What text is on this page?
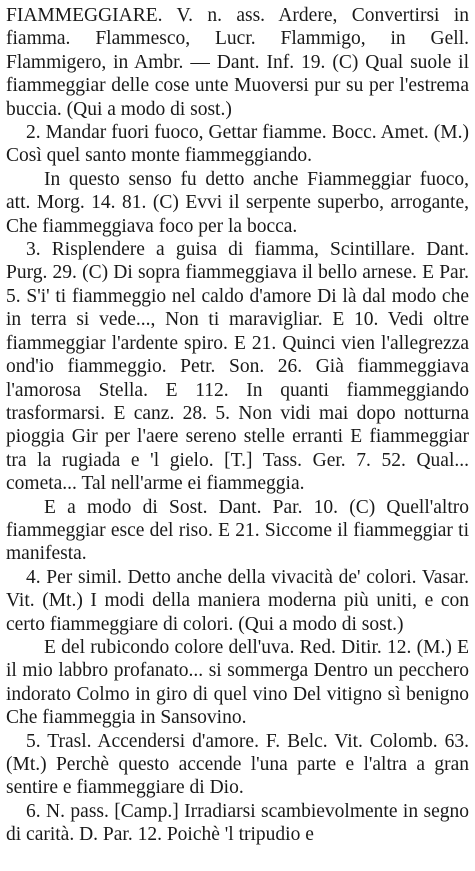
FIAMMEGGIARE. V. n. ass. Ardere, Convertirsi in fiamma. Flammesco, Lucr. Flammigo, in Gell. Flammigero, in Ambr. — Dant. Inf. 19. (C) Qual suole il fiammeggiar delle cose unte Muoversi pur su per l'estrema buccia. (Qui a modo di sost.)

2. Mandar fuori fuoco, Gettar fiamme. Bocc. Amet. (M.) Così quel santo monte fiammeggiando.

In questo senso fu detto anche Fiammeggiar fuoco, att. Morg. 14. 81. (C) Evvi il serpente superbo, arrogante, Che fiammeggiava foco per la bocca.

3. Risplendere a guisa di fiamma, Scintillare. Dant. Purg. 29. (C) Di sopra fiammeggiava il bello arnese. E Par. 5. S'i' ti fiammeggio nel caldo d'amore Di là dal modo che in terra si vede..., Non ti maravigliar. E 10. Vedi oltre fiammeggiar l'ardente spiro. E 21. Quinci vien l'allegrezza ond'io fiammeggio. Petr. Son. 26. Già fiammeggiava l'amorosa Stella. E 112. In quanti fiammeggiando trasformarsi. E canz. 28. 5. Non vidi mai dopo notturna pioggia Gir per l'aere sereno stelle erranti E fiammeggiar tra la rugiada e 'l gielo. [T.] Tass. Ger. 7. 52. Qual... cometa... Tal nell'arme ei fiammeggia.

E a modo di Sost. Dant. Par. 10. (C) Quell'altro fiammeggiar esce del riso. E 21. Siccome il fiammeggiar ti manifesta.

4. Per simil. Detto anche della vivacità de' colori. Vasar. Vit. (Mt.) I modi della maniera moderna più uniti, e con certo fiammeggiare di colori. (Qui a modo di sost.)

E del rubicondo colore dell'uva. Red. Ditir. 12. (M.) E il mio labbro profanato... si sommerga Dentro un pecchero indorato Colmo in giro di quel vino Del vitigno sì benigno Che fiammeggia in Sansovino.

5. Trasl. Accendersi d'amore. F. Belc. Vit. Colomb. 63. (Mt.) Perchè questo accende l'una parte e l'altra a gran sentire e fiammeggiare di Dio.

6. N. pass. [Camp.] Irradiarsi scambievolmente in segno di carità. D. Par. 12. Poichè 'l tripudio e
